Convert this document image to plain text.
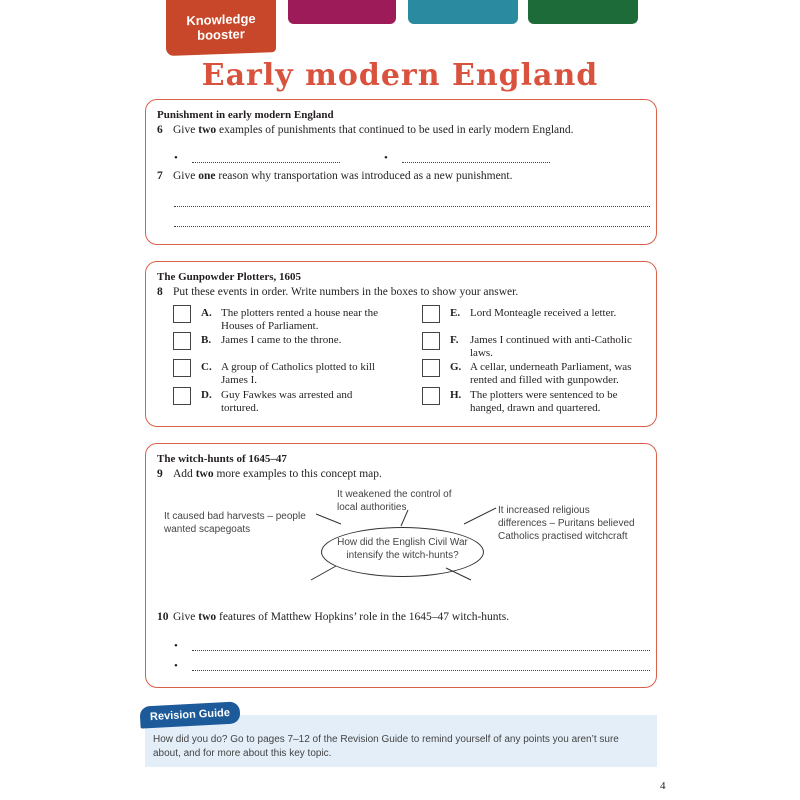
Knowledge
booster
Early modern England
Punishment in early modern England
6 Give two examples of punishments that continued to be used in early modern England.
•	•
7 Give one reason why transportation was introduced as a new punishment.
The Gunpowder Plotters, 1605
8 Put these events in order. Write numbers in the boxes to show your answer.
A. The plotters rented a house near the
Houses of Parliament.
B. James I came to the throne.
C. A group of Catholics plotted to kill
James I.
D. Guy Fawkes was arrested and
tortured.
E. Lord Monteagle received a letter.
F. James I continued with anti-Catholic
laws.
G. A cellar, underneath Parliament, was
rented and filled with gunpowder.
H. The plotters were sentenced to be
hanged, drawn and quartered.
The witch-hunts of 1645–47
9 Add two more examples to this concept map.
How did the English Civil War
intensify the witch-hunts?
It weakened the control of
local authorities
It caused bad harvests – people
wanted scapegoats
It increased religious
differences – Puritans believed
Catholics practised witchcraft
10 Give two features of Matthew Hopkins’ role in the 1645–47 witch-hunts.
•
•
Revision Guide
How did you do? Go to pages 7–12 of the Revision Guide to remind yourself of any points you aren’t sure about, and for more about this key topic.
4
